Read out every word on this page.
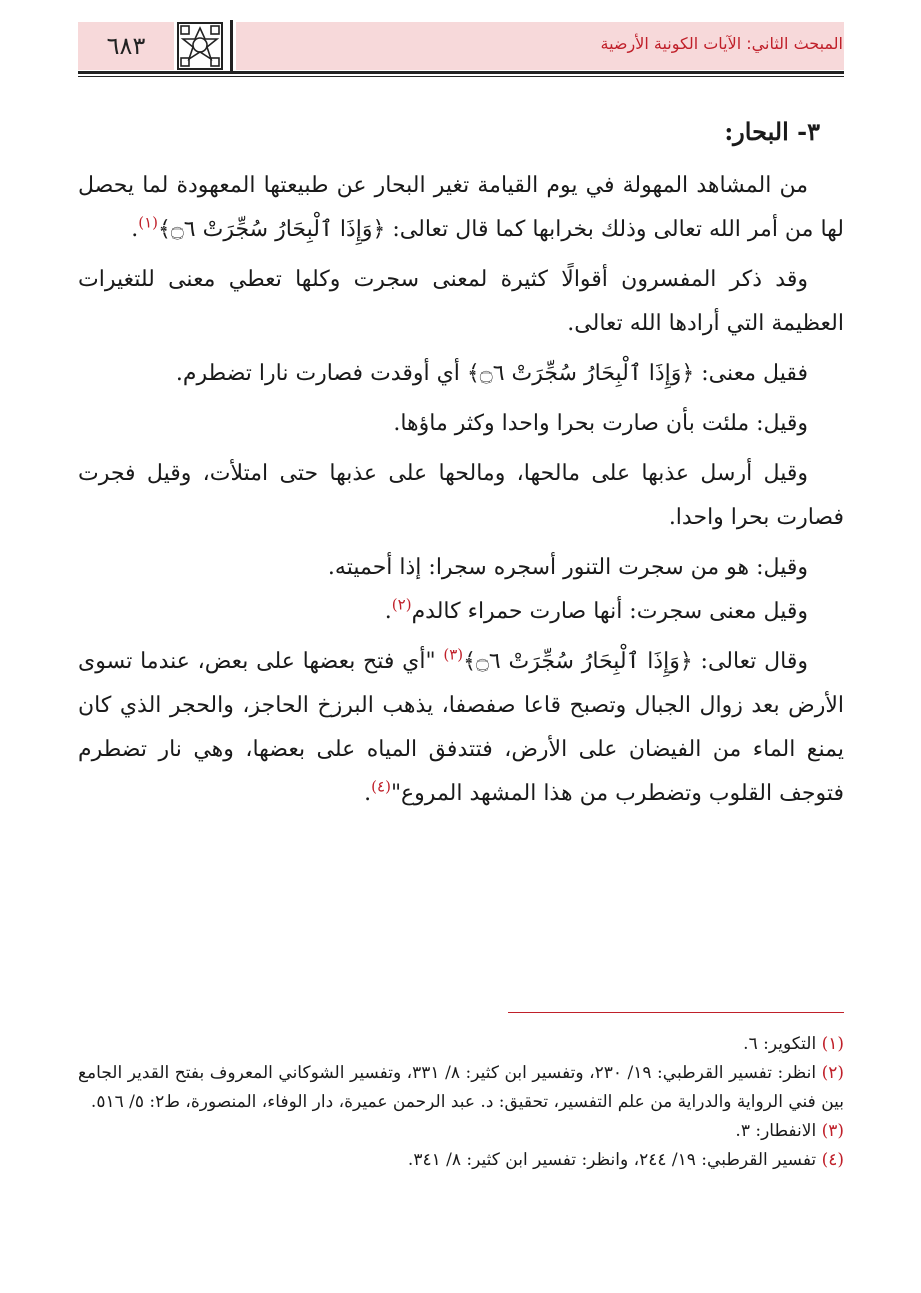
٦٨٣	المبحث الثاني: الآيات الكونية الأرضية

٣- البحار:

من المشاهد المهولة في يوم القيامة تغير البحار عن طبيعتها المعهودة لما يحصل لها من أمر الله تعالى وذلك بخرابها كما قال تعالى: ﴿وَإِذَا ٱلْبِحَارُ سُجِّرَتْ ۝٦﴾$^{(١)}$.

وقد ذكر المفسرون أقوالًا كثيرة لمعنى سجرت وكلها تعطي معنى للتغيرات العظيمة التي أرادها الله تعالى.

فقيل معنى: ﴿وَإِذَا ٱلْبِحَارُ سُجِّرَتْ ۝٦﴾ أي أوقدت فصارت نارا تضطرم.

وقيل: ملئت بأن صارت بحرا واحدا وكثر ماؤها.

وقيل أرسل عذبها على مالحها، ومالحها على عذبها حتى امتلأت، وقيل فجرت فصارت بحرا واحدا.

وقيل: هو من سجرت التنور أسجره سجرا: إذا أحميته.

وقيل معنى سجرت: أنها صارت حمراء كالدم$^{(٢)}$.

وقال تعالى: ﴿وَإِذَا ٱلْبِحَارُ سُجِّرَتْ ۝٦﴾$^{(٣)}$ "أي فتح بعضها على بعض، عندما تسوى الأرض بعد زوال الجبال وتصبح قاعا صفصفا، يذهب البرزخ الحاجز، والحجر الذي كان يمنع الماء من الفيضان على الأرض، فتتدفق المياه على بعضها، وهي نار تضطرم فتوجف القلوب وتضطرب من هذا المشهد المروع"$^{(٤)}$.

(١) التكوير: ٦.

(٢) انظر: تفسير القرطبي: ١٩/ ٢٣٠، وتفسير ابن كثير: ٨/ ٣٣١، وتفسير الشوكاني المعروف بفتح القدير الجامع بين فني الرواية والدراية من علم التفسير، تحقيق: د. عبد الرحمن عميرة، دار الوفاء، المنصورة، ط٢: ٥/ ٥١٦.

(٣) الانفطار: ٣.

(٤) تفسير القرطبي: ١٩/ ٢٤٤، وانظر: تفسير ابن كثير: ٨/ ٣٤١.
